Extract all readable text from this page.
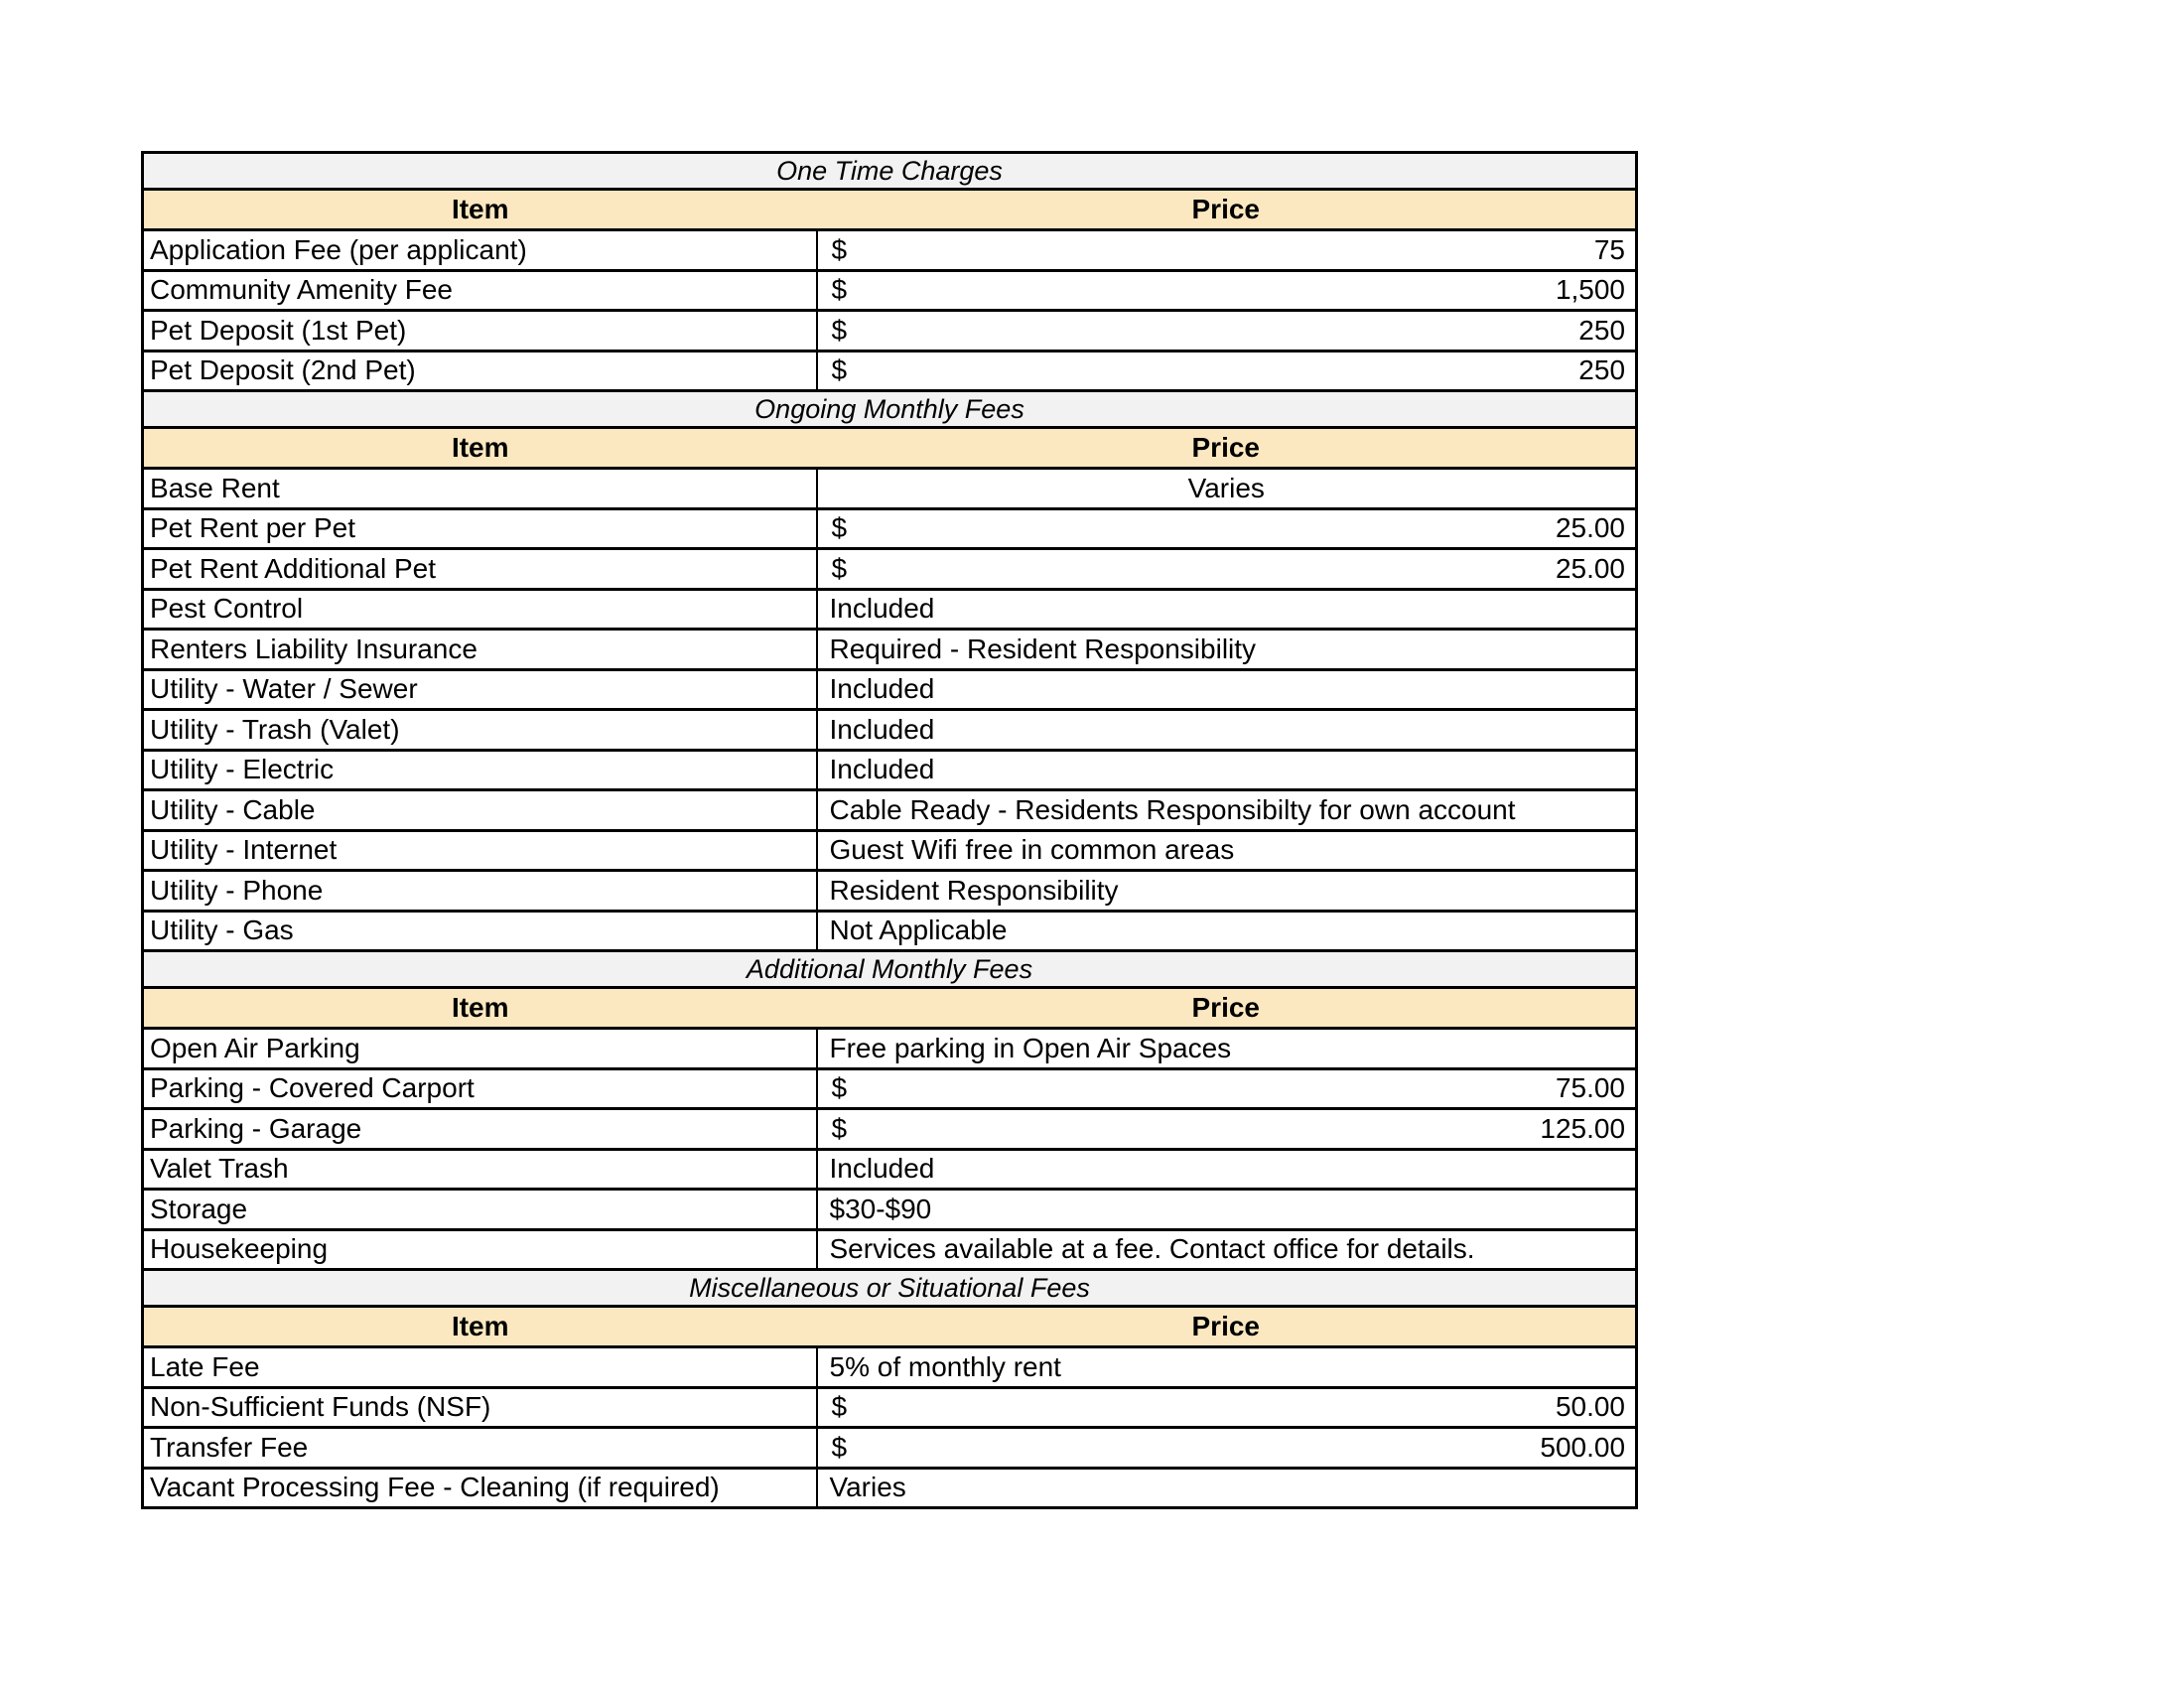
One Time Charges	
Item	Price
Application Fee (per applicant)	$ 75

Community Amenity Fee	$ 1,500

Pet Deposit (1st Pet)	$ 250

Pet Deposit (2nd Pet)	$ 250

Ongoing Monthly Fees	
Item	Price
Base Rent	Varies
Pet Rent per Pet	$ 25.00

Pet Rent Additional Pet	$ 25.00

Pest Control	Included
Renters Liability Insurance	Required - Resident Responsibility
Utility - Water / Sewer	Included
Utility - Trash (Valet)	Included
Utility - Electric	Included
Utility - Cable	Cable Ready - Residents Responsibilty for own account
Utility - Internet	Guest Wifi free in common areas
Utility - Phone	Resident Responsibility
Utility - Gas	Not Applicable
Additional Monthly Fees	
Item	Price
Open Air Parking	Free parking in Open Air Spaces
Parking - Covered Carport	$ 75.00

Parking - Garage	$ 125.00

Valet Trash	Included
Storage	$30-$90
Housekeeping	Services available at a fee. Contact office for details.
Miscellaneous or Situational Fees	
Item	Price
Late Fee	5% of monthly rent
Non-Sufficient Funds (NSF)	$ 50.00

Transfer Fee	$ 500.00

Vacant Processing Fee - Cleaning (if required)	Varies
